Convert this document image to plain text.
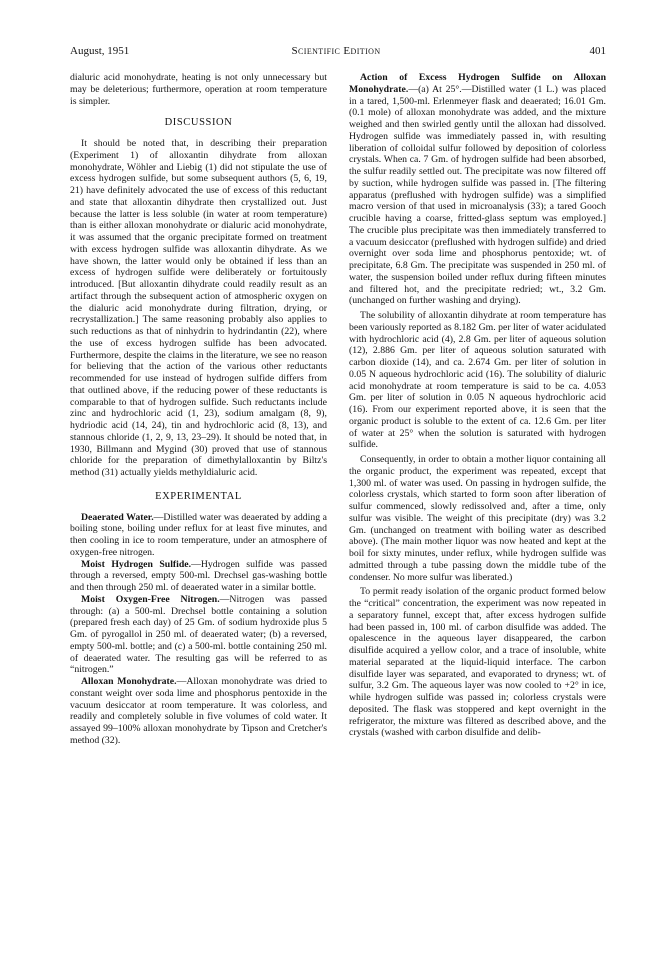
August, 1951	Scientific Edition	401

dialuric acid monohydrate, heating is not only unnecessary but may be deleterious; furthermore, operation at room temperature is simpler.

DISCUSSION

It should be noted that, in describing their preparation (Experiment 1) of alloxantin dihydrate from alloxan monohydrate, Wöhler and Liebig (1) did not stipulate the use of excess hydrogen sulfide, but some subsequent authors (5, 6, 19, 21) have definitely advocated the use of excess of this reductant and state that alloxantin dihydrate then crystallized out. Just because the latter is less soluble (in water at room temperature) than is either alloxan monohydrate or dialuric acid monohydrate, it was assumed that the organic precipitate formed on treatment with excess hydrogen sulfide was alloxantin dihydrate. As we have shown, the latter would only be obtained if less than an excess of hydrogen sulfide were deliberately or fortuitously introduced. [But alloxantin dihydrate could readily result as an artifact through the subsequent action of atmospheric oxygen on the dialuric acid monohydrate during filtration, drying, or recrystallization.] The same reasoning probably also applies to such reductions as that of ninhydrin to hydrindantin (22), where the use of excess hydrogen sulfide has been advocated. Furthermore, despite the claims in the literature, we see no reason for believing that the action of the various other reductants recommended for use instead of hydrogen sulfide differs from that outlined above, if the reducing power of these reductants is comparable to that of hydrogen sulfide. Such reductants include zinc and hydrochloric acid (1, 23), sodium amalgam (8, 9), hydriodic acid (14, 24), tin and hydrochloric acid (8, 13), and stannous chloride (1, 2, 9, 13, 23–29). It should be noted that, in 1930, Billmann and Mygind (30) proved that use of stannous chloride for the preparation of dimethylalloxantin by Biltz's method (31) actually yields methyldialuric acid.

EXPERIMENTAL

Deaerated Water.—Distilled water was deaerated by adding a boiling stone, boiling under reflux for at least five minutes, and then cooling in ice to room temperature, under an atmosphere of oxygen-free nitrogen.

Moist Hydrogen Sulfide.—Hydrogen sulfide was passed through a reversed, empty 500-ml. Drechsel gas-washing bottle and then through 250 ml. of deaerated water in a similar bottle.

Moist Oxygen-Free Nitrogen.—Nitrogen was passed through: (a) a 500-ml. Drechsel bottle containing a solution (prepared fresh each day) of 25 Gm. of sodium hydroxide plus 5 Gm. of pyrogallol in 250 ml. of deaerated water; (b) a reversed, empty 500-ml. bottle; and (c) a 500-ml. bottle containing 250 ml. of deaerated water. The resulting gas will be referred to as “nitrogen.”

Alloxan Monohydrate.—Alloxan monohydrate was dried to constant weight over soda lime and phosphorus pentoxide in the vacuum desiccator at room temperature. It was colorless, and readily and completely soluble in five volumes of cold water. It assayed 99–100% alloxan monohydrate by Tipson and Cretcher's method (32).

Action of Excess Hydrogen Sulfide on Alloxan Monohydrate.—(a) At 25°.—Distilled water (1 L.) was placed in a tared, 1,500-ml. Erlenmeyer flask and deaerated; 16.01 Gm. (0.1 mole) of alloxan monohydrate was added, and the mixture weighed and then swirled gently until the alloxan had dissolved. Hydrogen sulfide was immediately passed in, with resulting liberation of colloidal sulfur followed by deposition of colorless crystals. When ca. 7 Gm. of hydrogen sulfide had been absorbed, the sulfur readily settled out. The precipitate was now filtered off by suction, while hydrogen sulfide was passed in. [The filtering apparatus (preflushed with hydrogen sulfide) was a simplified macro version of that used in microanalysis (33); a tared Gooch crucible having a coarse, fritted-glass septum was employed.] The crucible plus precipitate was then immediately transferred to a vacuum desiccator (preflushed with hydrogen sulfide) and dried overnight over soda lime and phosphorus pentoxide; wt. of precipitate, 6.8 Gm. The precipitate was suspended in 250 ml. of water, the suspension boiled under reflux during fifteen minutes and filtered hot, and the precipitate redried; wt., 3.2 Gm. (unchanged on further washing and drying).

The solubility of alloxantin dihydrate at room temperature has been variously reported as 8.182 Gm. per liter of water acidulated with hydrochloric acid (4), 2.8 Gm. per liter of aqueous solution (12), 2.886 Gm. per liter of aqueous solution saturated with carbon dioxide (14), and ca. 2.674 Gm. per liter of solution in 0.05 N aqueous hydrochloric acid (16). The solubility of dialuric acid monohydrate at room temperature is said to be ca. 4.053 Gm. per liter of solution in 0.05 N aqueous hydrochloric acid (16). From our experiment reported above, it is seen that the organic product is soluble to the extent of ca. 12.6 Gm. per liter of water at 25° when the solution is saturated with hydrogen sulfide.

Consequently, in order to obtain a mother liquor containing all the organic product, the experiment was repeated, except that 1,300 ml. of water was used. On passing in hydrogen sulfide, the colorless crystals, which started to form soon after liberation of sulfur commenced, slowly redissolved and, after a time, only sulfur was visible. The weight of this precipitate (dry) was 3.2 Gm. (unchanged on treatment with boiling water as described above). (The main mother liquor was now heated and kept at the boil for sixty minutes, under reflux, while hydrogen sulfide was admitted through a tube passing down the middle tube of the condenser. No more sulfur was liberated.)

To permit ready isolation of the organic product formed below the “critical” concentration, the experiment was now repeated in a separatory funnel, except that, after excess hydrogen sulfide had been passed in, 100 ml. of carbon disulfide was added. The opalescence in the aqueous layer disappeared, the carbon disulfide acquired a yellow color, and a trace of insoluble, white material separated at the liquid-liquid interface. The carbon disulfide layer was separated, and evaporated to dryness; wt. of sulfur, 3.2 Gm. The aqueous layer was now cooled to +2° in ice, while hydrogen sulfide was passed in; colorless crystals were deposited. The flask was stoppered and kept overnight in the refrigerator, the mixture was filtered as described above, and the crystals (washed with carbon disulfide and delib-
